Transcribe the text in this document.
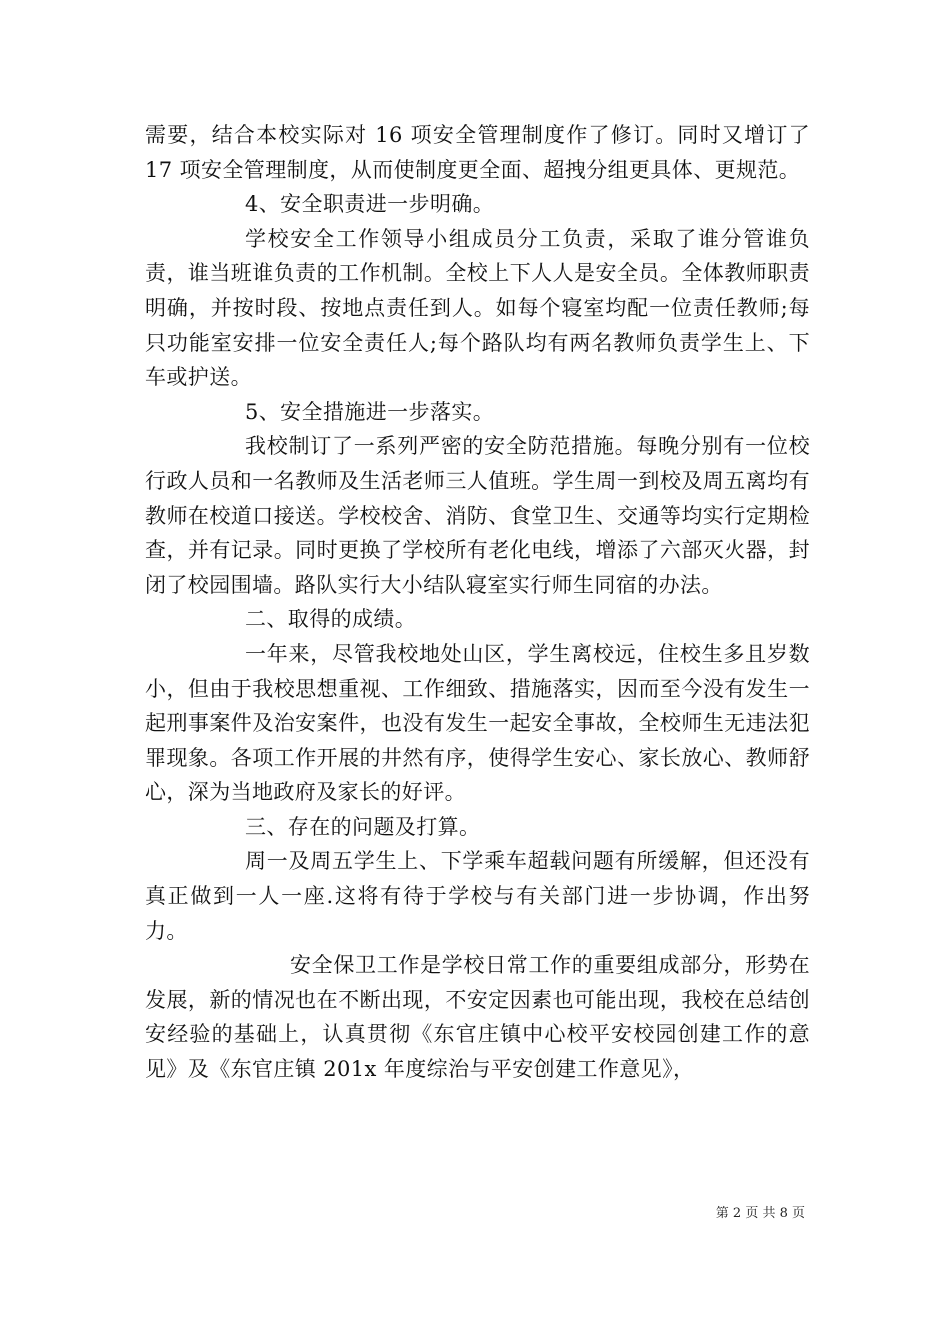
需要，结合本校实际对 16 项安全管理制度作了修订。同时又增订了 17 项安全管理制度，从而使制度更全面、超拽分组更具体、更规范。

4、安全职责进一步明确。

学校安全工作领导小组成员分工负责，采取了谁分管谁负责，谁当班谁负责的工作机制。全校上下人人是安全员。全体教师职责明确，并按时段、按地点责任到人。如每个寝室均配一位责任教师;每只功能室安排一位安全责任人;每个路队均有两名教师负责学生上、下车或护送。

5、安全措施进一步落实。

我校制订了一系列严密的安全防范措施。每晚分别有一位校行政人员和一名教师及生活老师三人值班。学生周一到校及周五离均有教师在校道口接送。学校校舍、消防、食堂卫生、交通等均实行定期检查，并有记录。同时更换了学校所有老化电线，增添了六部灭火器，封闭了校园围墙。路队实行大小结队寝室实行师生同宿的办法。

二、取得的成绩。

一年来，尽管我校地处山区，学生离校远，住校生多且岁数小，但由于我校思想重视、工作细致、措施落实，因而至今没有发生一起刑事案件及治安案件，也没有发生一起安全事故，全校师生无违法犯罪现象。各项工作开展的井然有序，使得学生安心、家长放心、教师舒心，深为当地政府及家长的好评。

三、存在的问题及打算。

周一及周五学生上、下学乘车超载问题有所缓解，但还没有真正做到一人一座.这将有待于学校与有关部门进一步协调，作出努力。

安全保卫工作是学校日常工作的重要组成部分，形势在发展，新的情况也在不断出现，不安定因素也可能出现，我校在总结创安经验的基础上，认真贯彻《东官庄镇中心校平安校园创建工作的意见》及《东官庄镇 201x 年度综治与平安创建工作意见》，

第 2 页 共 8 页
